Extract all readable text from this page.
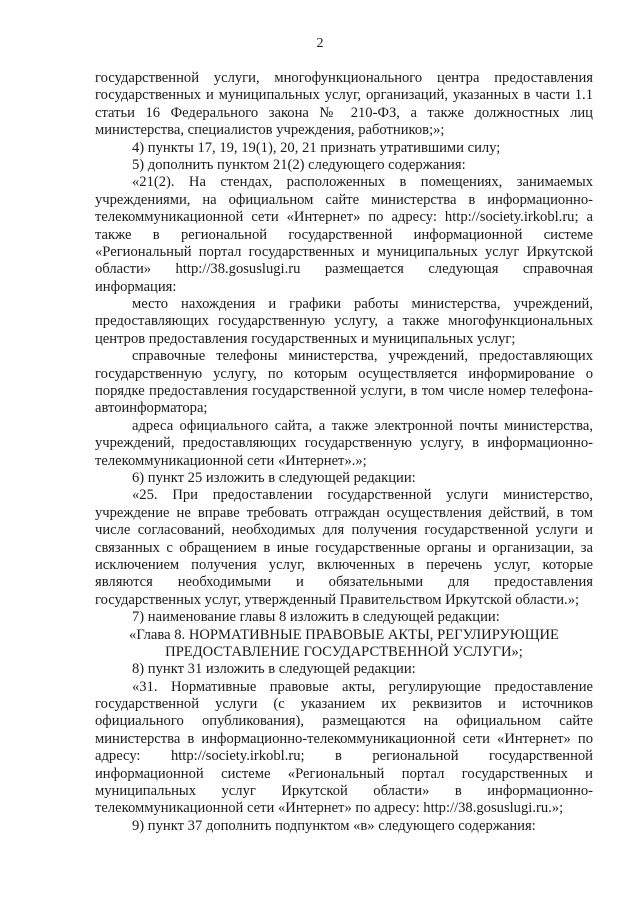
2
государственной услуги, многофункционального центра предоставления
государственных и муниципальных услуг, организаций, указанных в части 1.1
статьи 16 Федерального закона № 210-ФЗ, а также должностных лиц
министерства, специалистов учреждения, работников;»;
4) пункты 17, 19, 19(1), 20, 21 признать утратившими силу;
5) дополнить пунктом 21(2) следующего содержания:
«21(2). На стендах, расположенных в помещениях, занимаемых
учреждениями, на официальном сайте министерства в информационно-
телекоммуникационной сети «Интернет» по адресу: http://society.irkobl.ru; а
также в региональной государственной информационной системе
«Региональный портал государственных и муниципальных услуг Иркутской
области» http://38.gosuslugi.ru размещается следующая справочная
информация:
место нахождения и графики работы министерства, учреждений,
предоставляющих государственную услугу, а также многофункциональных
центров предоставления государственных и муниципальных услуг;
справочные телефоны министерства, учреждений, предоставляющих
государственную услугу, по которым осуществляется информирование о
порядке предоставления государственной услуги, в том числе номер телефона-
автоинформатора;
адреса официального сайта, а также электронной почты министерства,
учреждений, предоставляющих государственную услугу, в информационно-
телекоммуникационной сети «Интернет».»;
6) пункт 25 изложить в следующей редакции:
«25. При предоставлении государственной услуги министерство,
учреждение не вправе требовать отграждан осуществления действий, в том
числе согласований, необходимых для получения государственной услуги и
связанных с обращением в иные государственные органы и организации, за
исключением получения услуг, включенных в перечень услуг, которые
являются необходимыми и обязательными для предоставления
государственных услуг, утвержденный Правительством Иркутской области.»;
7) наименование главы 8 изложить в следующей редакции:
«Глава 8. НОРМАТИВНЫЕ ПРАВОВЫЕ АКТЫ, РЕГУЛИРУЮЩИЕ
ПРЕДОСТАВЛЕНИЕ ГОСУДАРСТВЕННОЙ УСЛУГИ»;
8) пункт 31 изложить в следующей редакции:
«31. Нормативные правовые акты, регулирующие предоставление
государственной услуги (с указанием их реквизитов и источников
официального опубликования), размещаются на официальном сайте
министерства в информационно-телекоммуникационной сети «Интернет» по
адресу: http://society.irkobl.ru; в региональной государственной
информационной системе «Региональный портал государственных и
муниципальных услуг Иркутской области» в информационно-
телекоммуникационной сети «Интернет» по адресу: http://38.gosuslugi.ru.»;
9) пункт 37 дополнить подпунктом «в» следующего содержания:
